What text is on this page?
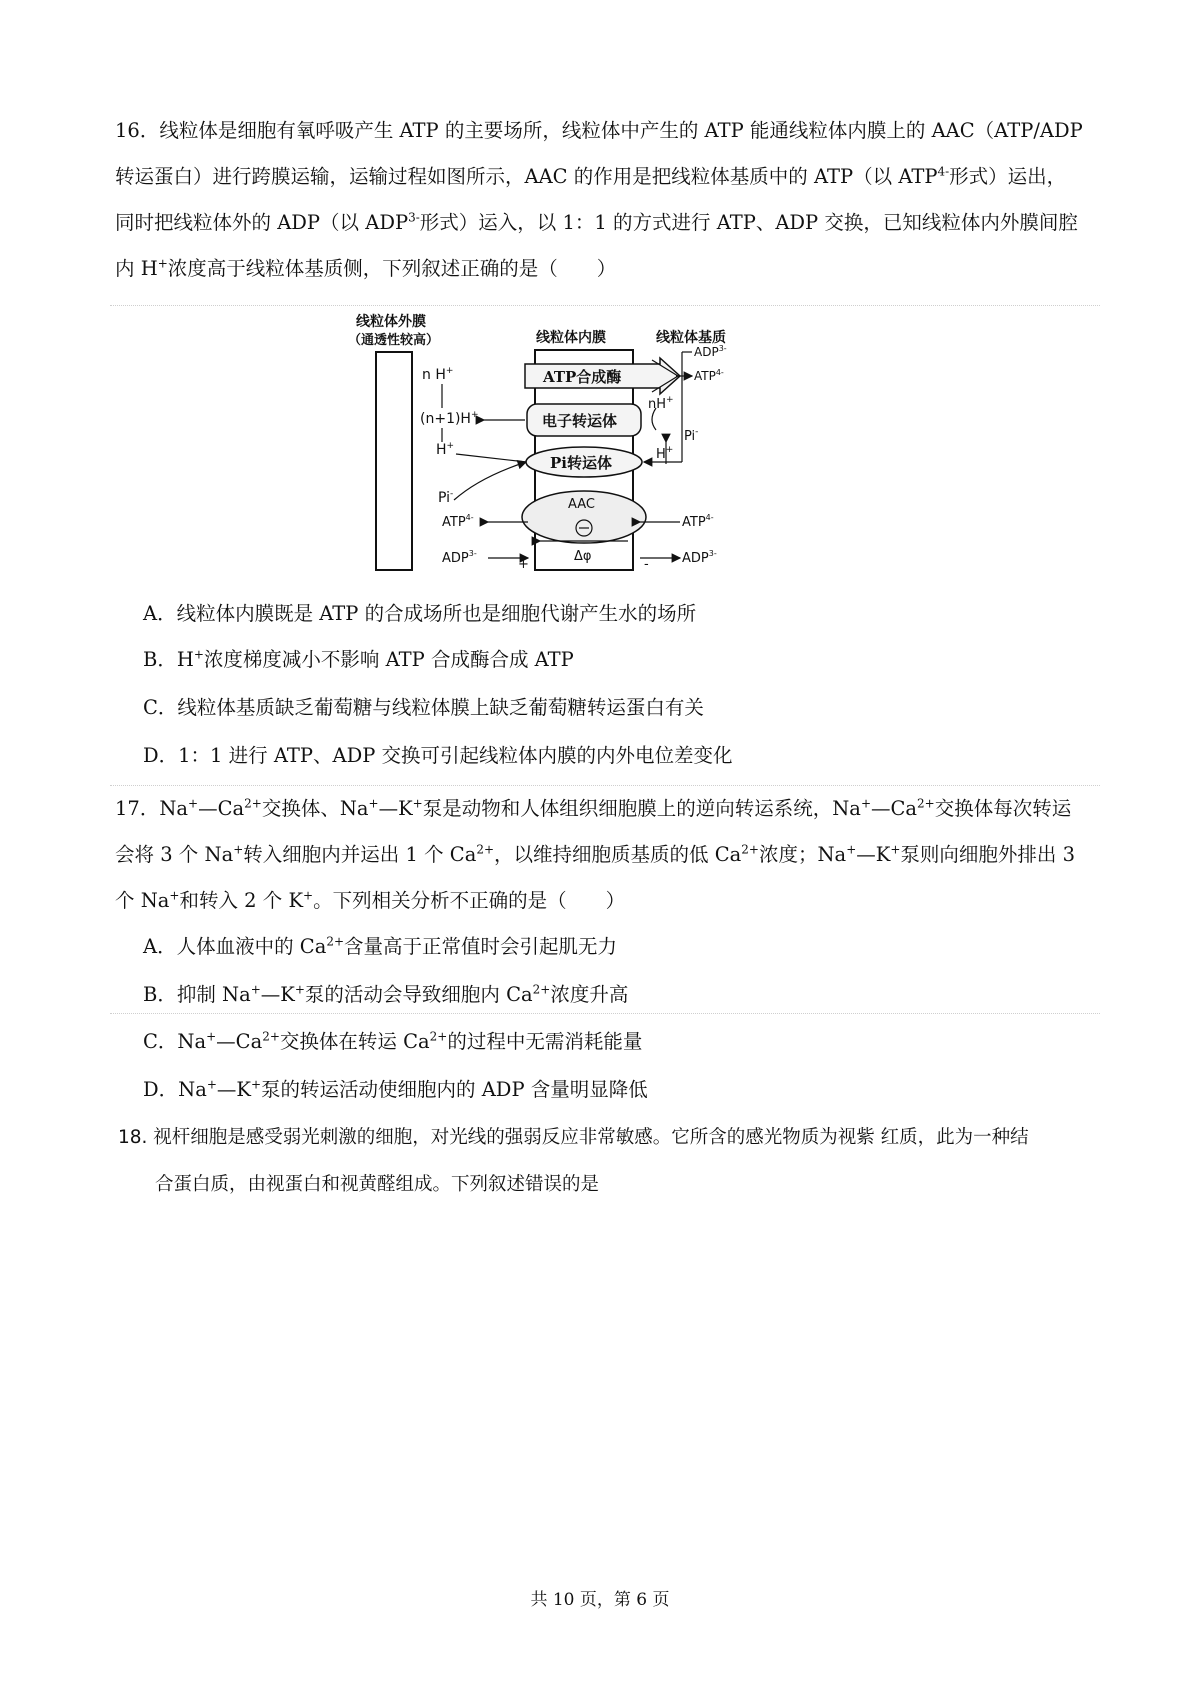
16．线粒体是细胞有氧呼吸产生 ATP 的主要场所，线粒体中产生的 ATP 能通线粒体内膜上的 AAC（ATP/ADP
转运蛋白）进行跨膜运输，运输过程如图所示，AAC 的作用是把线粒体基质中的 ATP（以 $ATP^{4-}$形式）运出，
同时把线粒体外的 ADP（以 $ADP^{3-}$形式）运入，以 1：1 的方式进行 ATP、ADP 交换，已知线粒体内外膜间腔
内 H+浓度高于线粒体基质侧，下列叙述正确的是（　　）
线粒体外膜
（通透性较高）	线粒体内膜	线粒体基质
ATP合成酶
电子转运体
Pi转运体
AAC
Δφ
+	-
n H+
(n+1)H+
H+
Pi-
$ATP^{4-}$
$ADP^{3-}$
$ADP^{3-}$
$ATP^{4-}$
nH+
Pi-
H+
$ATP^{4-}$
$ADP^{3-}$
A．线粒体内膜既是 ATP 的合成场所也是细胞代谢产生水的场所
B．H+浓度梯度减小不影响 ATP 合成酶合成 ATP
C．线粒体基质缺乏葡萄糖与线粒体膜上缺乏葡萄糖转运蛋白有关
D．1：1 进行 ATP、ADP 交换可引起线粒体内膜的内外电位差变化
17．$Na^+—Ca^{2+}$交换体、Na+—K+泵是动物和人体组织细胞膜上的逆向转运系统，$Na^+—Ca^{2+}$交换体每次转运
会将 3 个 Na+转入细胞内并运出 1 个 $Ca^{2+}$，以维持细胞质基质的低 $Ca^{2+}$浓度；Na+—K+泵则向细胞外排出 3
个 Na+和转入 2 个 K+。下列相关分析不正确的是（　　）
A．人体血液中的 $Ca^{2+}$含量高于正常值时会引起肌无力
B．抑制 Na+—K+泵的活动会导致细胞内 $Ca^{2+}$浓度升高
C．$Na^+—Ca^{2+}$交换体在转运 $Ca^{2+}$的过程中无需消耗能量
D．Na+—K+泵的转运活动使细胞内的 ADP 含量明显降低
18. 视杆细胞是感受弱光刺激的细胞，对光线的强弱反应非常敏感。它所含的感光物质为视紫 红质，此为一种结
合蛋白质，由视蛋白和视黄醛组成。下列叙述错误的是
共 10 页，第 6 页
